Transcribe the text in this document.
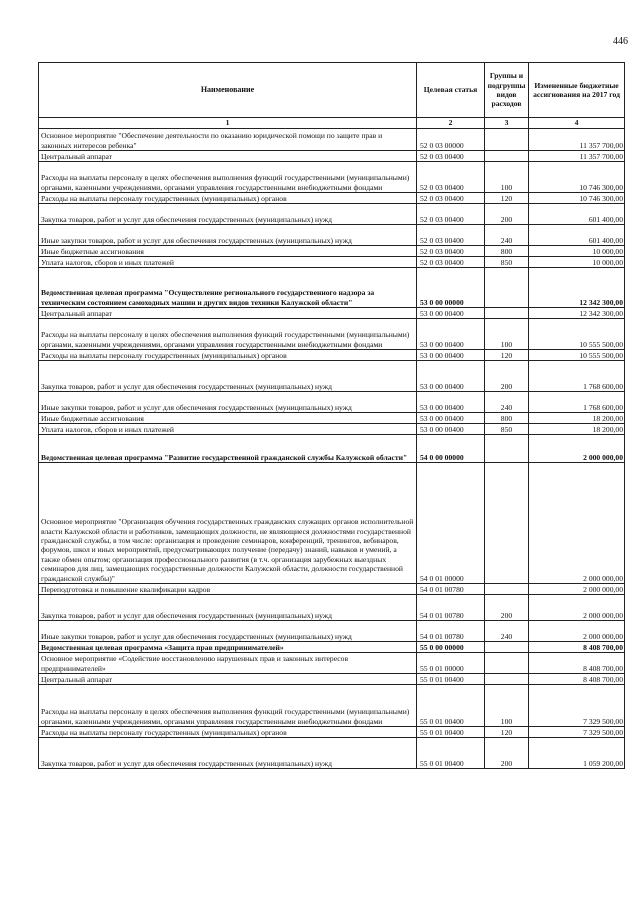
446
Наименование	Целевая статья	Группы и подгруппы видов расходов	Измененные бюджетные ассигнования на 2017 год
1	2	3	4
Основное мероприятие "Обеспечение деятельности по оказанию юридической помощи по защите прав и законных интересов ребенка"	52 0 03 00000		11 357 700,00
Центральный аппарат	52 0 03 00400		11 357 700,00
Расходы на выплаты персоналу в целях обеспечения выполнения функций государственными (муниципальными) органами, казенными учреждениями, органами управления государственными внебюджетными фондами	52 0 03 00400	100	10 746 300,00
Расходы на выплаты персоналу государственных (муниципальных) органов	52 0 03 00400	120	10 746 300,00
Закупка товаров, работ и услуг для обеспечения государственных (муниципальных) нужд	52 0 03 00400	200	601 400,00
Иные закупки товаров, работ и услуг для обеспечения государственных (муниципальных) нужд	52 0 03 00400	240	601 400,00
Иные бюджетные ассигнования	52 0 03 00400	800	10 000,00
Уплата налогов, сборов и иных платежей	52 0 03 00400	850	10 000,00
Ведомственная целевая программа "Осуществление регионального государственного надзора за техническим состоянием самоходных машин и других видов техники Калужской области"	53 0 00 00000		12 342 300,00
Центральный аппарат	53 0 00 00400		12 342 300,00
Расходы на выплаты персоналу в целях обеспечения выполнения функций государственными (муниципальными) органами, казенными учреждениями, органами управления государственными внебюджетными фондами	53 0 00 00400	100	10 555 500,00
Расходы на выплаты персоналу государственных (муниципальных) органов	53 0 00 00400	120	10 555 500,00
Закупка товаров, работ и услуг для обеспечения государственных (муниципальных) нужд	53 0 00 00400	200	1 768 600,00
Иные закупки товаров, работ и услуг для обеспечения государственных (муниципальных) нужд	53 0 00 00400	240	1 768 600,00
Иные бюджетные ассигнования	53 0 00 00400	800	18 200,00
Уплата налогов, сборов и иных платежей	53 0 00 00400	850	18 200,00
Ведомственная целевая программа "Развитие государственной гражданской службы Калужской области"	54 0 00 00000		2 000 000,00
Основное мероприятие "Организация обучения государственных гражданских служащих органов исполнительной власти Калужской области и работников, замещающих должности, не являющиеся должностями государственной гражданской службы, в том числе: организация и проведение семинаров, конференций, тренингов, вебинаров, форумов, школ и иных мероприятий, предусматривающих получение (передачу) знаний, навыков и умений, а также обмен опытом; организация профессионального развития (в т.ч. организация зарубежных выездных семинаров для лиц, замещающих государственные должности Калужской области, должности государственной гражданской службы)"	54 0 01 00000		2 000 000,00
Переподготовка и повышение квалификации кадров	54 0 01 00780		2 000 000,00
Закупка товаров, работ и услуг для обеспечения государственных (муниципальных) нужд	54 0 01 00780	200	2 000 000,00
Иные закупки товаров, работ и услуг для обеспечения государственных (муниципальных) нужд	54 0 01 00780	240	2 000 000,00
Ведомственная целевая программа «Защита прав предпринимателей»	55 0 00 00000		8 408 700,00
Основное мероприятие «Содействие восстановлению нарушенных прав и законных интересов предпринимателей»	55 0 01 00000		8 408 700,00
Центральный аппарат	55 0 01 00400		8 408 700,00
Расходы на выплаты персоналу в целях обеспечения выполнения функций государственными (муниципальными) органами, казенными учреждениями, органами управления государственными внебюджетными фондами	55 0 01 00400	100	7 329 500,00
Расходы на выплаты персоналу государственных (муниципальных) органов	55 0 01 00400	120	7 329 500,00
Закупка товаров, работ и услуг для обеспечения государственных (муниципальных) нужд	55 0 01 00400	200	1 059 200,00
